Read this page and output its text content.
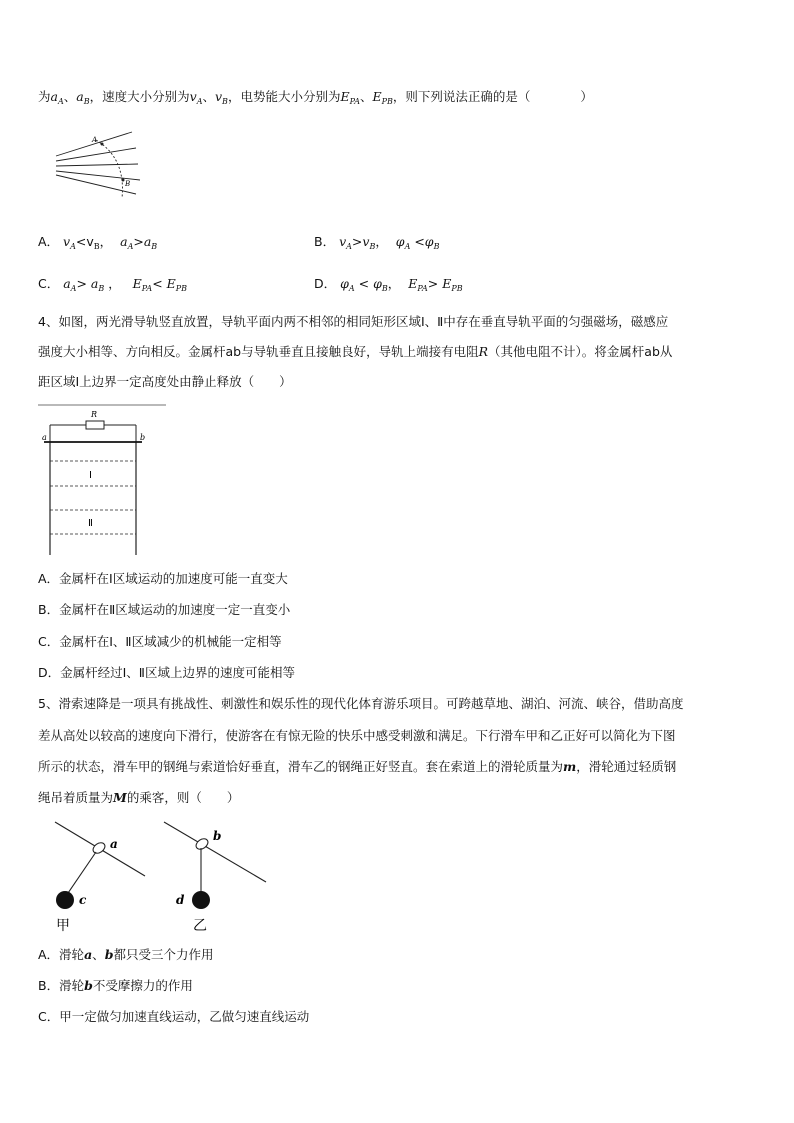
为$a_A$、$a_B$，速度大小分别为$v_A$、$v_B$，电势能大小分别为$E_{PA}$、$E_{PB}$，则下列说法正确的是（　　　　）
A
B
A． $v_A<v_B$，  $a_A>a_B$	B． $v_A>v_B$，  $\varphi_A <\varphi_B$
C． $a_A> a_B$ ，   $E_{PA}< E_{PB}$	D． $\varphi_A < \varphi_B$，  $E_{PA}> E_{PB}$
4、如图，两光滑导轨竖直放置，导轨平面内两不相邻的相同矩形区域Ⅰ、Ⅱ中存在垂直导轨平面的匀强磁场，磁感应
强度大小相等、方向相反。金属杆ab与导轨垂直且接触良好，导轨上端接有电阻R（其他电阻不计）。将金属杆ab从
距区域Ⅰ上边界一定高度处由静止释放（　　）
R
a	b
Ⅰ
Ⅱ
A．金属杆在Ⅰ区域运动的加速度可能一直变大
B．金属杆在Ⅱ区域运动的加速度一定一直变小
C．金属杆在Ⅰ、Ⅱ区域减少的机械能一定相等
D．金属杆经过Ⅰ、Ⅱ区域上边界的速度可能相等
5、滑索速降是一项具有挑战性、刺激性和娱乐性的现代化体育游乐项目。可跨越草地、湖泊、河流、峡谷，借助高度
差从高处以较高的速度向下滑行，使游客在有惊无险的快乐中感受刺激和满足。下行滑车甲和乙正好可以简化为下图
所示的状态，滑车甲的钢绳与索道恰好垂直，滑车乙的钢绳正好竖直。套在索道上的滑轮质量为m，滑轮通过轻质钢
绳吊着质量为M的乘客，则（　　）
a
c
甲
b
d
乙
A．滑轮a、b都只受三个力作用
B．滑轮b不受摩擦力的作用
C．甲一定做匀加速直线运动，乙做匀速直线运动
